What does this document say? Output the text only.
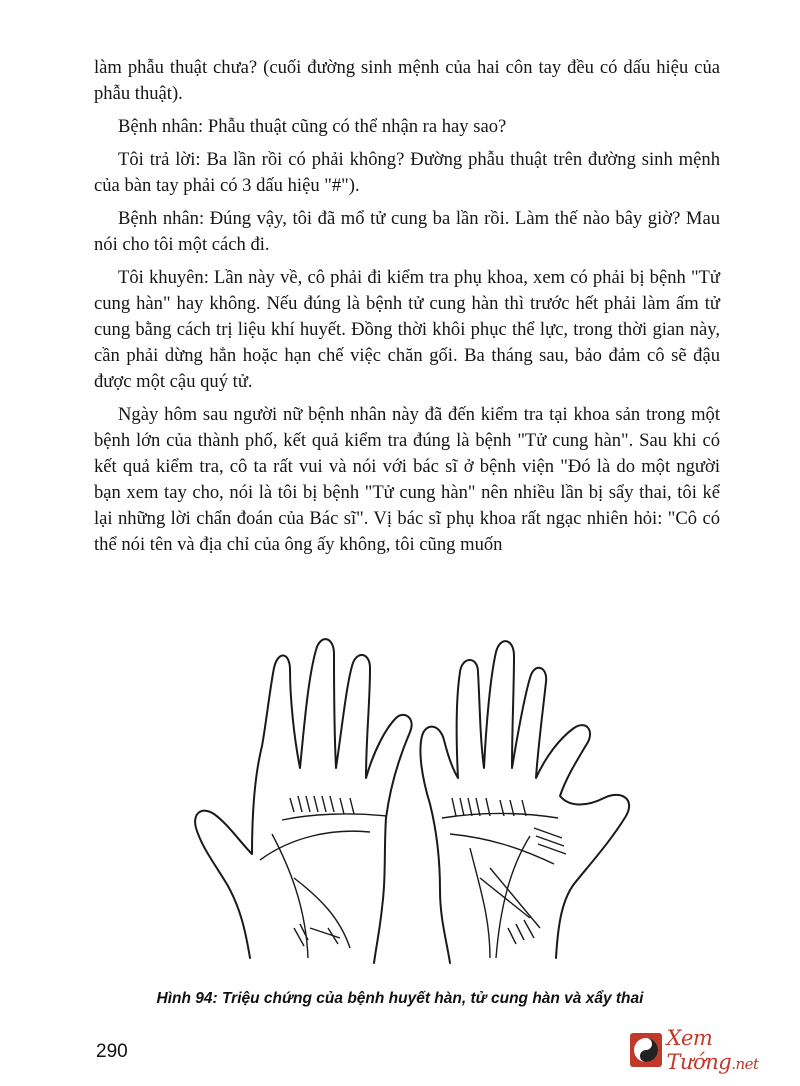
làm phẫu thuật chưa? (cuối đường sinh mệnh của hai côn tay đều có dấu hiệu của phẫu thuật).

Bệnh nhân: Phẫu thuật cũng có thể nhận ra hay sao?

Tôi trả lời: Ba lần rồi có phải không? Đường phẫu thuật trên đường sinh mệnh của bàn tay phải có 3 dấu hiệu "#").

Bệnh nhân: Đúng vậy, tôi đã mổ tử cung ba lần rồi. Làm thế nào bây giờ? Mau nói cho tôi một cách đi.

Tôi khuyên: Lần này về, cô phải đi kiểm tra phụ khoa, xem có phải bị bệnh "Tử cung hàn" hay không. Nếu đúng là bệnh tử cung hàn thì trước hết phải làm ấm tử cung bằng cách trị liệu khí huyết. Đồng thời khôi phục thể lực, trong thời gian này, cần phải dừng hẳn hoặc hạn chế việc chăn gối. Ba tháng sau, bảo đảm cô sẽ đậu được một cậu quý tử.

Ngày hôm sau người nữ bệnh nhân này đã đến kiểm tra tại khoa sản trong một bệnh lớn của thành phố, kết quả kiểm tra đúng là bệnh "Tử cung hàn". Sau khi có kết quả kiểm tra, cô ta rất vui và nói với bác sĩ ở bệnh viện "Đó là do một người bạn xem tay cho, nói là tôi bị bệnh "Tử cung hàn" nên nhiều lần bị sẩy thai, tôi kể lại những lời chẩn đoán của Bác sĩ". Vị bác sĩ phụ khoa rất ngạc nhiên hỏi: "Cô có thể nói tên và địa chỉ của ông ấy không, tôi cũng muốn

Hình 94: Triệu chứng của bệnh huyết hàn, tử cung hàn và xẩy thai
290
Xem Tướng.net
